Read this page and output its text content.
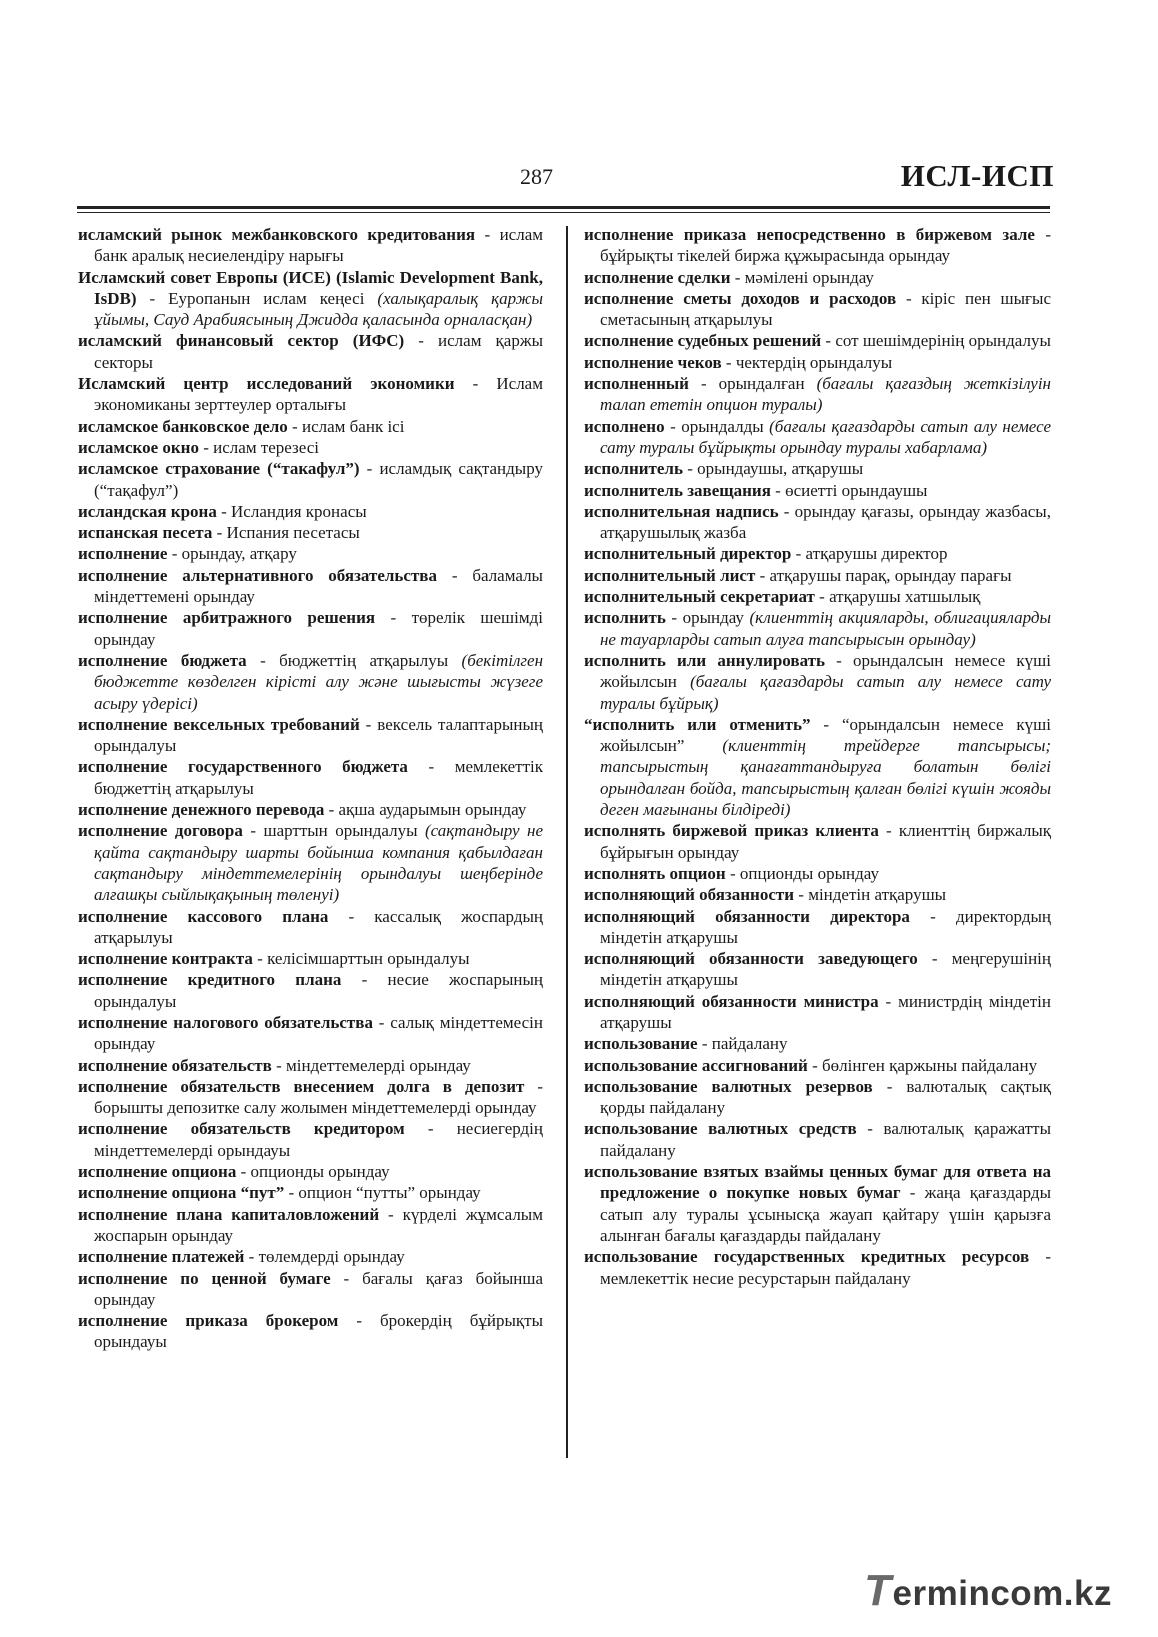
287	ИСЛ-ИСП
исламский рынок межбанковского кредитования - ислам банк аралық несиелендіру нарығы
Исламский совет Европы (ИСЕ) (Islamic Development Bank, IsDB) - Еуропанын ислам кеңесі (халықаралық қаржы ұйымы, Сауд Арабиясының Джидда қаласында орналасқан)
исламский финансовый сектор (ИФС) - ислам қаржы секторы
Исламский центр исследований экономики - Ислам экономиканы зерттеулер орталығы
исламское банковское дело - ислам банк ісі
исламское окно - ислам терезесі
исламское страхование (“такафул”) - исламдық сақтандыру (“тақафул”)
исландская крона - Исландия кронасы
испанская песета - Испания песетасы
исполнение - орындау, атқару
исполнение альтернативного обязательства - баламалы міндеттемені орындау
исполнение арбитражного решения - төрелік шешімді орындау
исполнение бюджета - бюджеттің атқарылуы (бекітілген бюджетте көзделген кірісті алу және шығысты жүзеге асыру үдерісі)
исполнение вексельных требований - вексель талаптарының орындалуы
исполнение государственного бюджета - мемлекеттік бюджеттің атқарылуы
исполнение денежного перевода - ақша аударымын орындау
исполнение договора - шарттын орындалуы (сақтандыру не қайта сақтандыру шарты бойынша компания қабылдаған сақтандыру міндеттемелерінің орындалуы шеңберінде алғашқы сыйлықақының төленуі)
исполнение кассового плана - кассалық жоспардың атқарылуы
исполнение контракта - келісімшарттын орындалуы
исполнение кредитного плана - несие жоспарының орындалуы
исполнение налогового обязательства - салық міндеттемесін орындау
исполнение обязательств - міндеттемелерді орындау
исполнение обязательств внесением долга в депозит - борышты депозитке салу жолымен міндеттемелерді орындау
исполнение обязательств кредитором - несиегердің міндеттемелерді орындауы
исполнение опциона - опционды орындау
исполнение опциона “пут” - опцион “путты” орындау
исполнение плана капиталовложений - күрделі жұмсалым жоспарын орындау
исполнение платежей - төлемдерді орындау
исполнение по ценной бумаге - бағалы қағаз бойынша орындау
исполнение приказа брокером - брокердің бұйрықты орындауы
исполнение приказа непосредственно в биржевом зале - бұйрықты тікелей биржа құжырасында орындау
исполнение сделки - мәмілені орындау
исполнение сметы доходов и расходов - кіріс пен шығыс сметасының атқарылуы
исполнение судебных решений - сот шешімдерінің орындалуы
исполнение чеков - чектердің орындалуы
исполненный - орындалған (бағалы қағаздың жеткізілуін талап ететін опцион туралы)
исполнено - орындалды (бағалы қағаздарды сатып алу немесе сату туралы бұйрықты орындау туралы хабарлама)
исполнитель - орындаушы, атқарушы
исполнитель завещания - өсиетті орындаушы
исполнительная надпись - орындау қағазы, орындау жазбасы, атқарушылық жазба
исполнительный директор - атқарушы директор
исполнительный лист - атқарушы парақ, орындау парағы
исполнительный секретариат - атқарушы хатшылық
исполнить - орындау (клиенттің акцияларды, облигацияларды не тауарларды сатып алуға тапсырысын орындау)
исполнить или аннулировать - орындалсын немесе күші жойылсын (бағалы қағаздарды сатып алу немесе сату туралы бұйрық)
“исполнить или отменить” - “орындалсын немесе күші жойылсын” (клиенттің трейдерге тапсырысы; тапсырыстың қанағаттандыруға болатын бөлігі орындалған бойда, тапсырыстың қалған бөлігі күшін жояды деген мағынаны білдіреді)
исполнять биржевой приказ клиента - клиенттің биржалық бұйрығын орындау
исполнять опцион - опционды орындау
исполняющий обязанности - міндетін атқарушы
исполняющий обязанности директора - директордың міндетін атқарушы
исполняющий обязанности заведующего - меңгерушінің міндетін атқарушы
исполняющий обязанности министра - министрдің міндетін атқарушы
использование - пайдалану
использование ассигнований - бөлінген қаржыны пайдалану
использование валютных резервов - валюталық сақтық қорды пайдалану
использование валютных средств - валюталық қаражатты пайдалану
использование взятых взаймы ценных бумаг для ответа на предложение о покупке новых бумаг - жаңа қағаздарды сатып алу туралы ұсынысқа жауап қайтару үшін қарызға алынған бағалы қағаздарды пайдалану
использование государственных кредитных ресурсов - мемлекеттік несие ресурстарын пайдалану
T ermincom.kz
